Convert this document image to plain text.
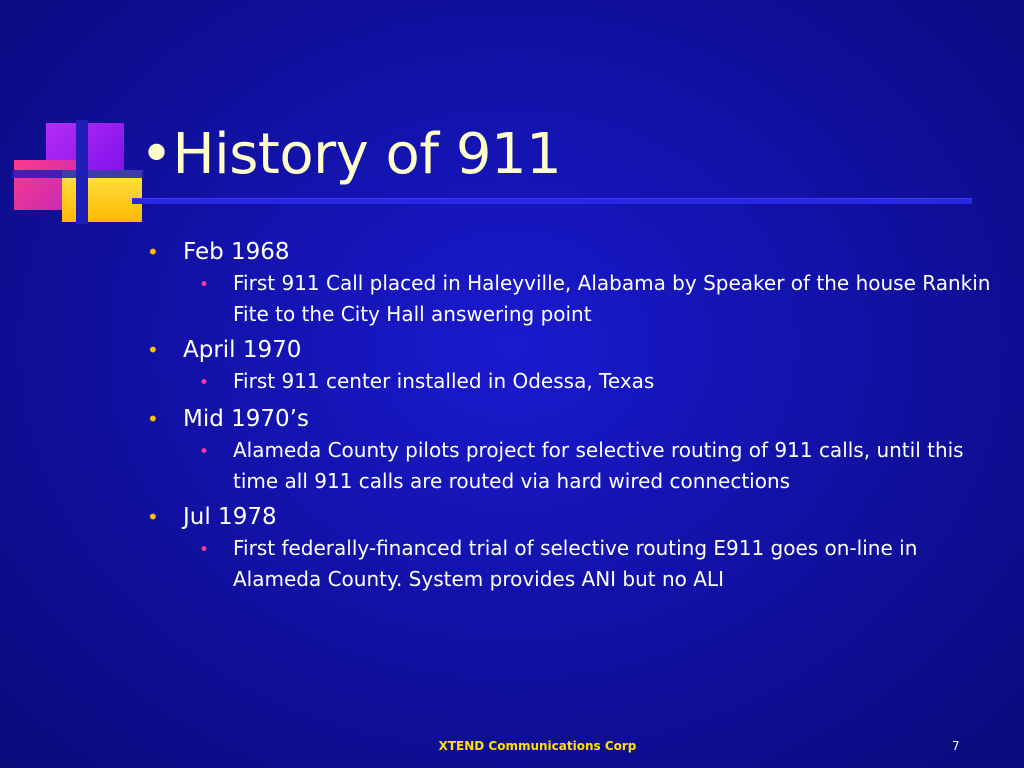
•History of 911
•	Feb 1968
•	First 911 Call placed in Haleyville, Alabama by Speaker of the house Rankin Fite to the City Hall answering point
•	April 1970
•	First 911 center installed in Odessa, Texas
•	Mid 1970’s
•	Alameda County pilots project for selective routing of 911 calls, until this time all 911 calls are routed via hard wired connections
•	Jul 1978
•	First federally-financed trial of selective routing E911 goes on-line in Alameda County. System provides ANI but no ALI
XTEND Communications Corp	7
